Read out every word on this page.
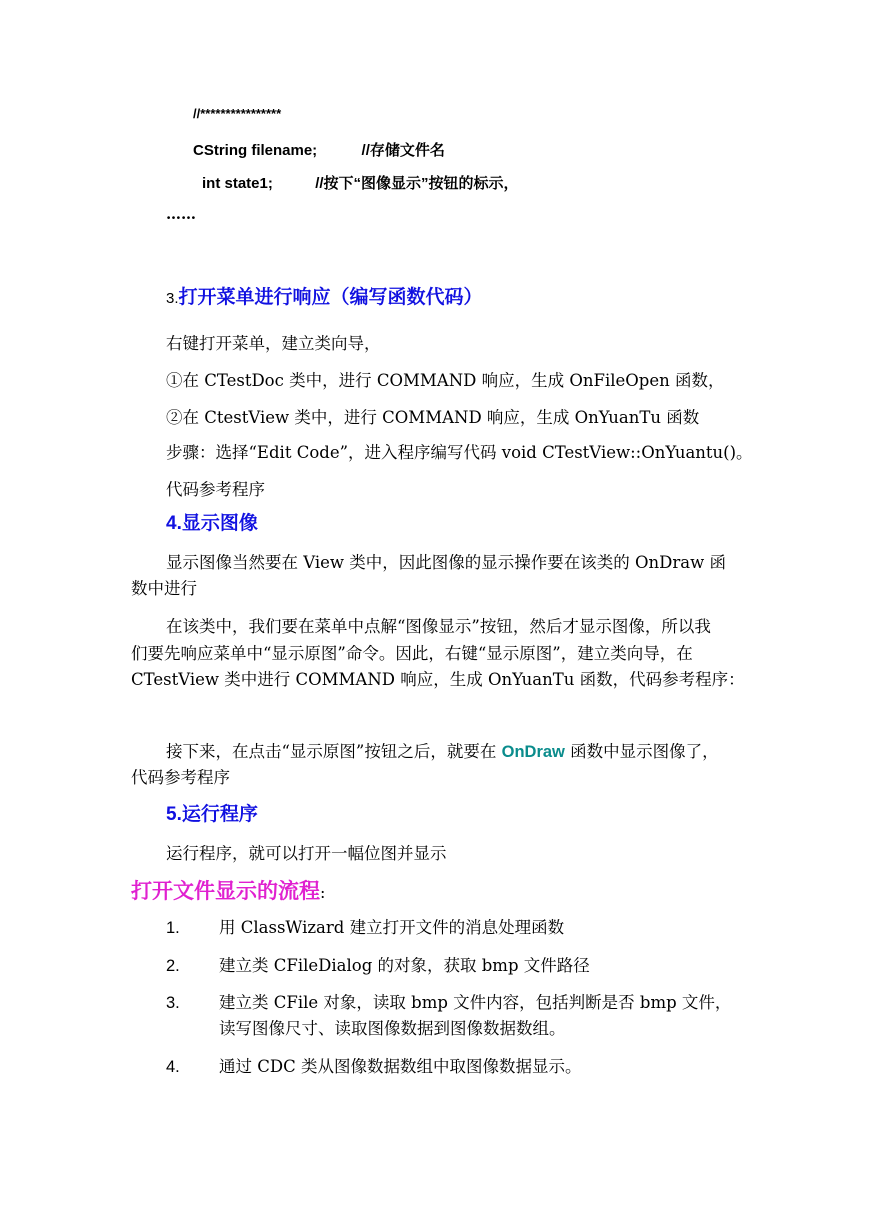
//****************
CString filename;	//存储文件名
int state1;	//按下“图像显示”按钮的标示，
……
3.打开菜单进行响应（编写函数代码）
右键打开菜单，建立类向导，
①在 CTestDoc 类中，进行 COMMAND 响应，生成 OnFileOpen 函数，
②在 CtestView 类中，进行 COMMAND 响应，生成 OnYuanTu 函数
步骤：选择“Edit Code”，进入程序编写代码 void CTestView::OnYuantu()。
代码参考程序
4.显示图像
显示图像当然要在 View 类中，因此图像的显示操作要在该类的 OnDraw 函
数中进行
在该类中，我们要在菜单中点解“图像显示”按钮，然后才显示图像，所以我
们要先响应菜单中“显示原图”命令。因此，右键“显示原图”，建立类向导，在
CTestView 类中进行 COMMAND 响应，生成 OnYuanTu 函数，代码参考程序：
接下来，在点击“显示原图”按钮之后，就要在 OnDraw 函数中显示图像了，
代码参考程序
5.运行程序
运行程序，就可以打开一幅位图并显示
打开文件显示的流程:
1. 用 ClassWizard 建立打开文件的消息处理函数
2. 建立类 CFileDialog 的对象，获取 bmp 文件路径
3. 建立类 CFile 对象，读取 bmp 文件内容，包括判断是否 bmp 文件，
读写图像尺寸、读取图像数据到图像数据数组。
4. 通过 CDC 类从图像数据数组中取图像数据显示。
